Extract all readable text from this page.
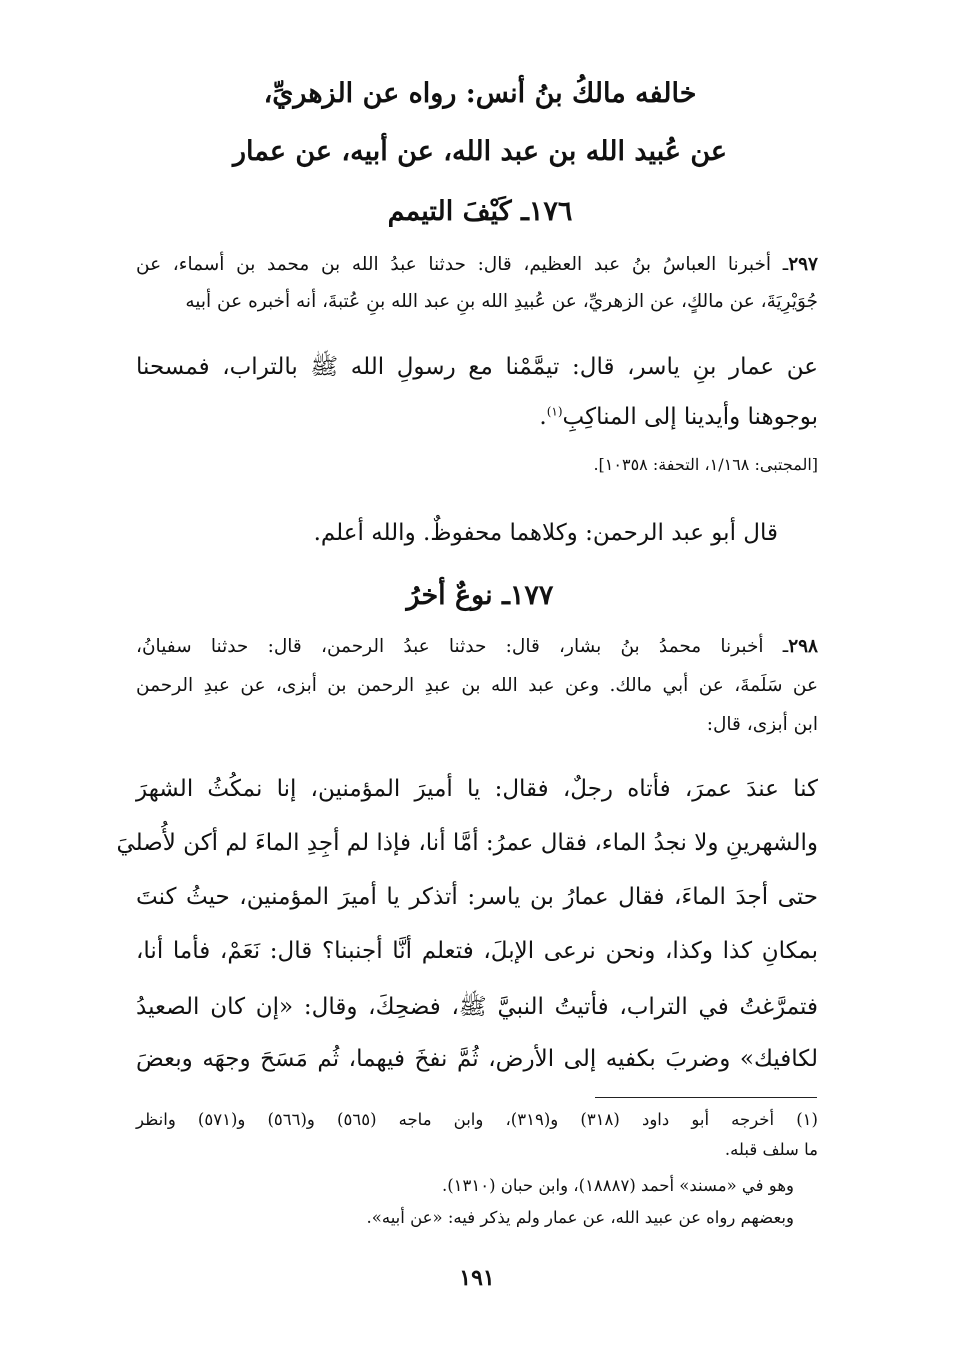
خالفه مالكُ بنُ أنس: رواه عن الزهريِّ،
عن عُبيد الله بن عبد الله، عن أبيه، عن عمار
١٧٦ـ كَيْفَ التيمم
٢٩٧ـ أخبرنا العباسُ بنُ عبد العظيم، قال: حدثنا عبدُ الله بن محمد بن أسماء، عن
جُوَيْرِيَةَ، عن مالكٍ، عن الزهريِّ، عن عُبيدِ الله بنِ عبد الله بنِ عُتبةَ، أنه أخبره عن أبيه
عن عمار بنِ ياسر، قال: تيمَّمْنا مع رسولِ الله ﷺ بالتراب، فمسحنا
بوجوهنا وأيدينا إلى المناكِبِ$^{(١)}$.
[المجتبى: ١/١٦٨، التحفة: ١٠٣٥٨].
قال أبو عبد الرحمن: وكلاهما محفوظٌ. والله أعلم.
١٧٧ـ نوعٌ أخرُ
٢٩٨ـ أخبرنا محمدُ بنُ بشار، قال: حدثنا عبدُ الرحمن، قال: حدثنا سفيانُ،
عن سَلَمةَ، عن أبي مالك. وعن عبد الله بن عبدِ الرحمن بن أبزى، عن عبدِ الرحمن
ابن أبزى، قال:
كنا عندَ عمرَ، فأتاه رجلٌ، فقال: يا أميرَ المؤمنين، إنا نمكُثُ الشهرَ
والشهرينِ ولا نجدُ الماء، فقال عمرُ: أمَّا أنا، فإذا لم أجِدِ الماءَ لم أكن لأُصليَ
حتى أجدَ الماءَ، فقال عمارُ بن ياسر: أتذكر يا أميرَ المؤمنين، حيثُ كنتَ
بمكانِ كذا وكذا، ونحن نرعى الإبلَ، فتعلم أنَّا أجنبنا؟ قال: نَعَمْ، فأما أنا،
فتمرَّغتُ في التراب، فأتيتُ النبيَّ ﷺ، فضحِكَ، وقال: «إن كان الصعيدُ
لكافيك» وضربَ بكفيه إلى الأرض، ثُمَّ نفخَ فيهما، ثُم مَسَحَ وجهَه وبعضَ
(١) أخرجه أبو داود (٣١٨) و(٣١٩)، وابن ماجه (٥٦٥) و(٥٦٦) و(٥٧١) وانظر
ما سلف قبله.
وهو في «مسند» أحمد (١٨٨٨٧)، وابن حبان (١٣١٠).
وبعضهم رواه عن عبيد الله، عن عمار ولم يذكر فيه: «عن أبيه».
١٩١
